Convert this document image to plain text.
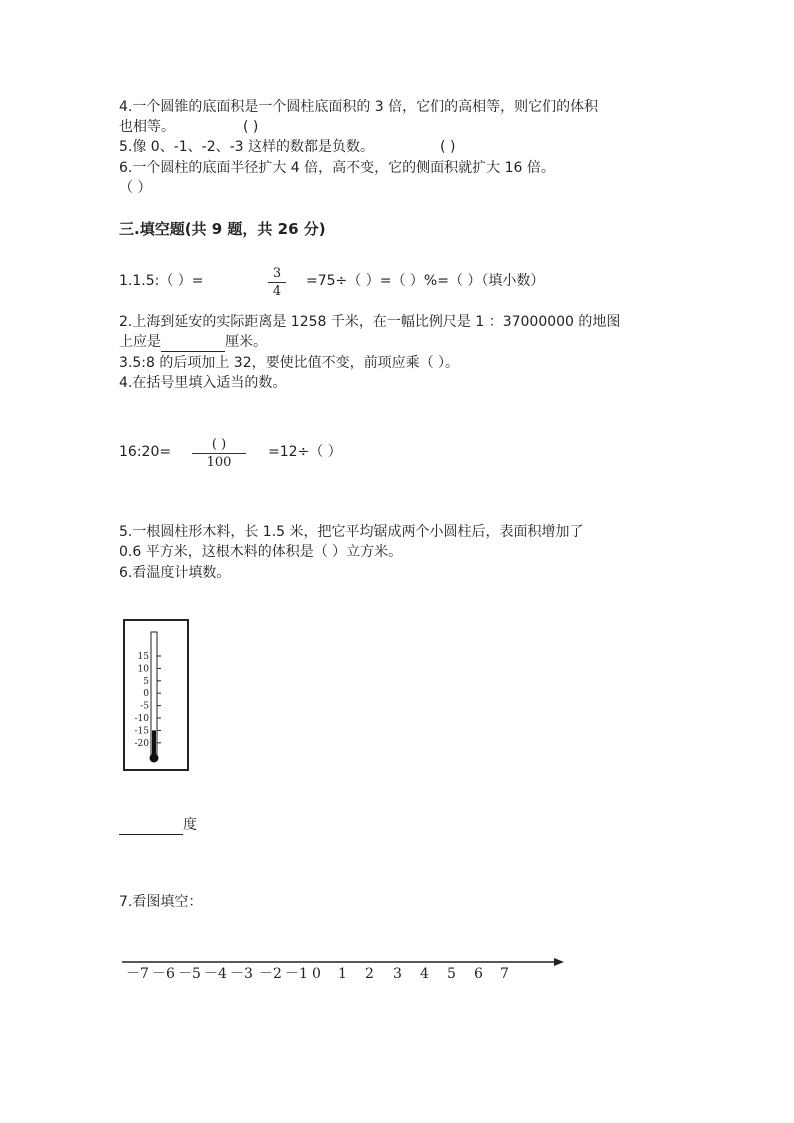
4.一个圆锥的底面积是一个圆柱底面积的 3 倍，它们的高相等，则它们的体积
也相等。	( )
5.像 0、-1、-2、-3 这样的数都是负数。	( )
6.一个圆柱的底面半径扩大 4 倍，高不变，它的侧面积就扩大 16 倍。
（ ）
三.填空题(共 9 题，共 26 分)
1.1.5:（ ）=	3
4
=75÷（ ）=（ ）%=（ ）（填小数）
2.上海到延安的实际距离是 1258 千米，在一幅比例尺是 1 ：37000000 的地图
上应是	厘米。
3.5:8 的后项加上 32，要使比值不变，前项应乘（ ）。
4.在括号里填入适当的数。
16:20=	( )
100
=12÷（ ）
5.一根圆柱形木料，长 1.5 米，把它平均锯成两个小圆柱后，表面积增加了
0.6 平方米，这根木料的体积是（ ）立方米。
6.看温度计填数。
15
10
5
0
-5
-10
-15
-20
度
7.看图填空：
－7 －6 －5 －4 －3 －2 －1 0 1 2 3 4 5 6 7
